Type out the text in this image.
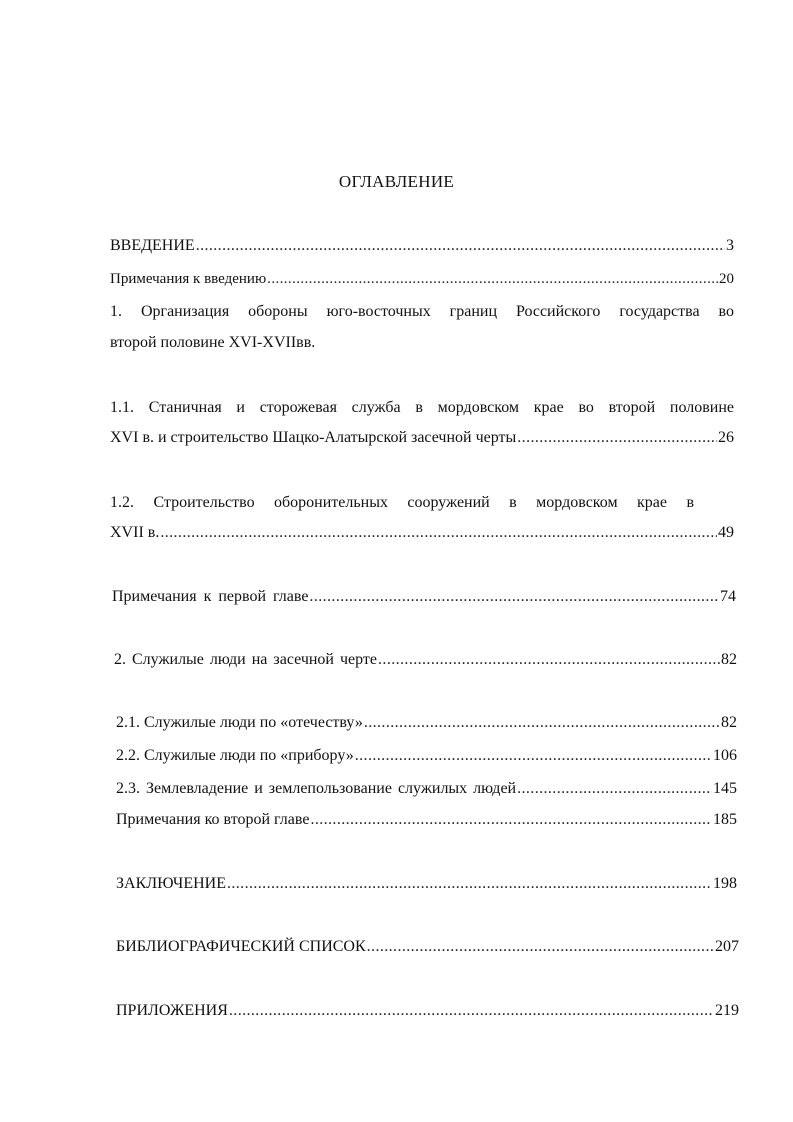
ОГЛАВЛЕНИЕ
ВВЕДЕНИЕ .....	3
Примечания к введению .....	20
1. Организация обороны юго-восточных границ Российского государства во
второй половине XVI-XVIIвв.
1.1. Станичная и сторожевая служба в мордовском крае во второй половине
XVI в. и строительство Шацко-Алатырской засечной черты .....	26
1.2. Строительство оборонительных сооружений в мордовском крае в
XVII в. .....	49
Примечания к первой главе .....	74
2. Служилые люди на засечной черте .....	82
2.1. Служилые люди по «отечеству» .....	82
2.2. Служилые люди по «прибору» .....	106
2.3. Землевладение и землепользование служилых людей .....	145
Примечания ко второй главе .....	185
ЗАКЛЮЧЕНИЕ .....	198
БИБЛИОГРАФИЧЕСКИЙ СПИСОК .....	207
ПРИЛОЖЕНИЯ .....	219
